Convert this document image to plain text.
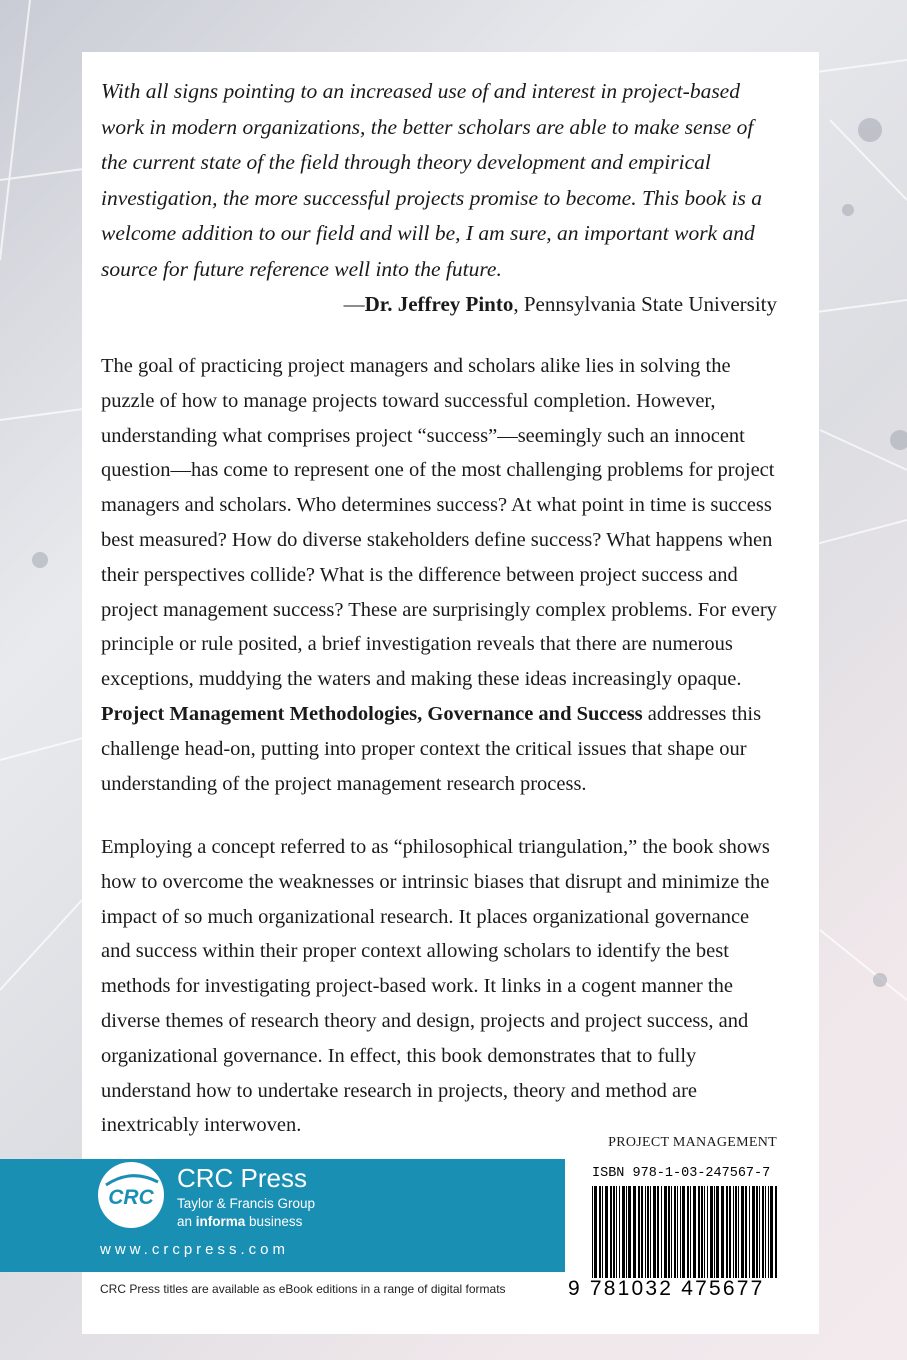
With all signs pointing to an increased use of and interest in project-based work in modern organizations, the better scholars are able to make sense of the current state of the field through theory development and empirical investigation, the more successful projects promise to become. This book is a welcome addition to our field and will be, I am sure, an important work and source for future reference well into the future.

—Dr. Jeffrey Pinto, Pennsylvania State University

The goal of practicing project managers and scholars alike lies in solving the puzzle of how to manage projects toward successful completion. However, understanding what comprises project “success”—seemingly such an innocent question—has come to represent one of the most challenging problems for project managers and scholars. Who determines success? At what point in time is success best measured? How do diverse stakeholders define success? What happens when their perspectives collide? What is the difference between project success and project management success? These are surprisingly complex problems. For every principle or rule posited, a brief investigation reveals that there are numerous exceptions, muddying the waters and making these ideas increasingly opaque. Project Management Methodologies, Governance and Success addresses this challenge head-on, putting into proper context the critical issues that shape our understanding of the project management research process.

Employing a concept referred to as “philosophical triangulation,” the book shows how to overcome the weaknesses or intrinsic biases that disrupt and minimize the impact of so much organizational research. It places organizational governance and success within their proper context allowing scholars to identify the best methods for investigating project-based work. It links in a cogent manner the diverse themes of research theory and design, projects and project success, and organizational governance. In effect, this book demonstrates that to fully understand how to undertake research in projects, theory and method are inextricably interwoven.

PROJECT MANAGEMENT
CRC
CRC Press
Taylor & Francis Group
an informa business
www.crcpress.com
CRC Press titles are available as eBook editions in a range of digital formats
ISBN 978-1-03-247567-7
9 781032 475677
